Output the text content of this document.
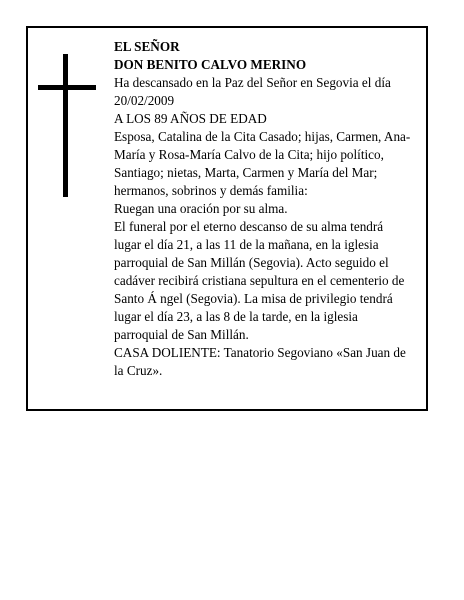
EL SEÑOR

DON BENITO CALVO MERINO

Ha descansado en la Paz del Señor en Segovia el día

20/02/2009

A LOS 89 AÑOS DE EDAD

Esposa, Catalina de la Cita Casado; hijas, Carmen, Ana-

María y Rosa-María Calvo de la Cita; hijo político,

Santiago; nietas, Marta, Carmen y María del Mar;

hermanos, sobrinos y demás familia:

Ruegan una oración por su alma.

El funeral por el eterno descanso de su alma tendrá

lugar el día 21, a las 11 de la mañana, en la iglesia

parroquial de San Millán (Segovia). Acto seguido el

cadáver recibirá cristiana sepultura en el cementerio de

Santo Á ngel (Segovia). La misa de privilegio tendrá

lugar el día 23, a las 8 de la tarde, en la iglesia

parroquial de San Millán.

CASA DOLIENTE: Tanatorio Segoviano «San Juan de

la Cruz».
